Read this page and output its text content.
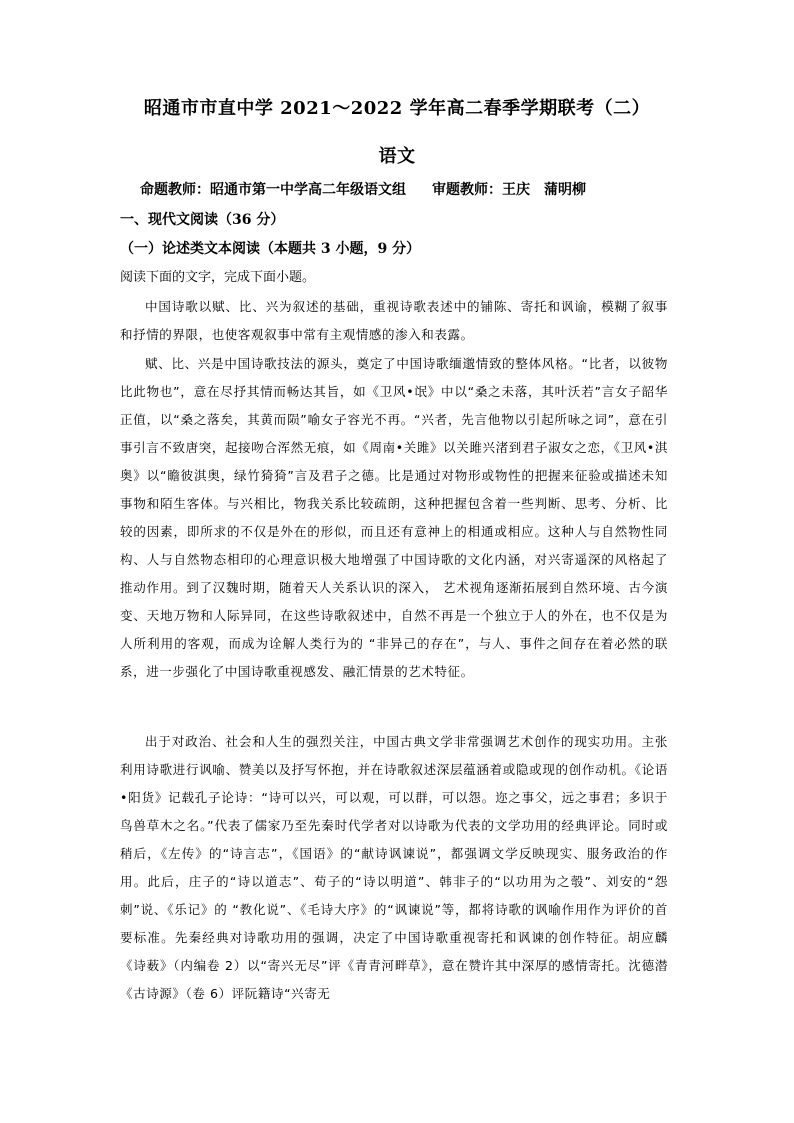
昭通市市直中学 2021～2022 学年高二春季学期联考（二）
语文
命题教师：昭通市第一中学高二年级语文组 审题教师：王庆 蒲明柳
一、现代文阅读（36 分）
（一）论述类文本阅读（本题共 3 小题，9 分）
阅读下面的文字，完成下面小题。

中国诗歌以赋、比、兴为叙述的基础，重视诗歌表述中的铺陈、寄托和讽谕，模糊了叙事和抒情的界限，也使客观叙事中常有主观情感的渗入和表露。

赋、比、兴是中国诗歌技法的源头，奠定了中国诗歌缅邈情致的整体风格。“比者，以彼物比此物也”，意在尽抒其情而畅达其旨，如《卫风•氓》中以“桑之未落，其叶沃若”言女子韶华正值，以“桑之落矣，其黄而陨”喻女子容光不再。“兴者，先言他物以引起所咏之词”，意在引事引言不致唐突，起接吻合浑然无痕，如《周南•关雎》以关雎兴渚到君子淑女之恋，《卫风•淇奥》以“瞻彼淇奥，绿竹猗猗”言及君子之德。比是通过对物形或物性的把握来征验或描述未知事物和陌生客体。与兴相比，物我关系比较疏朗，这种把握包含着一些判断、思考、分析、比较的因素，即所求的不仅是外在的形似，而且还有意神上的相通或相应。这种人与自然物性同构、人与自然物态相印的心理意识极大地增强了中国诗歌的文化内涵，对兴寄遥深的风格起了推动作用。到了汉魏时期，随着天人关系认识的深入， 艺术视角逐渐拓展到自然环境、古今演变、天地万物和人际异同，在这些诗歌叙述中，自然不再是一个独立于人的外在，也不仅是为人所利用的客观，而成为诠解人类行为的 “非异己的存在”，与人、事件之间存在着必然的联系，进一步强化了中国诗歌重视感发、融汇情景的艺术特征。

出于对政治、社会和人生的强烈关注，中国古典文学非常强调艺术创作的现实功用。主张利用诗歌进行讽喻、赞美以及抒写怀抱，并在诗歌叙述深层蕴涵着或隐或现的创作动机。《论语•阳货》记载孔子论诗：“诗可以兴，可以观，可以群，可以怨。迩之事父，远之事君；多识于鸟兽草木之名。”代表了儒家乃至先秦时代学者对以诗歌为代表的文学功用的经典评论。同时或稍后，《左传》的“诗言志”，《国语》的“献诗讽谏说”，都强调文学反映现实、服务政治的作用。此后，庄子的“诗以道志”、荀子的“诗以明道”、韩非子的“以功用为之彀”、刘安的“怨刺”说、《乐记》的 “教化说”、《毛诗大序》的“讽谏说”等，都将诗歌的讽喻作用作为评价的首要标准。先秦经典对诗歌功用的强调，决定了中国诗歌重视寄托和讽谏的创作特征。胡应麟《诗薮》（内编卷 2）以“寄兴无尽”评《青青河畔草》，意在赞许其中深厚的感情寄托。沈德潜《古诗源》（卷 6）评阮籍诗“兴寄无
